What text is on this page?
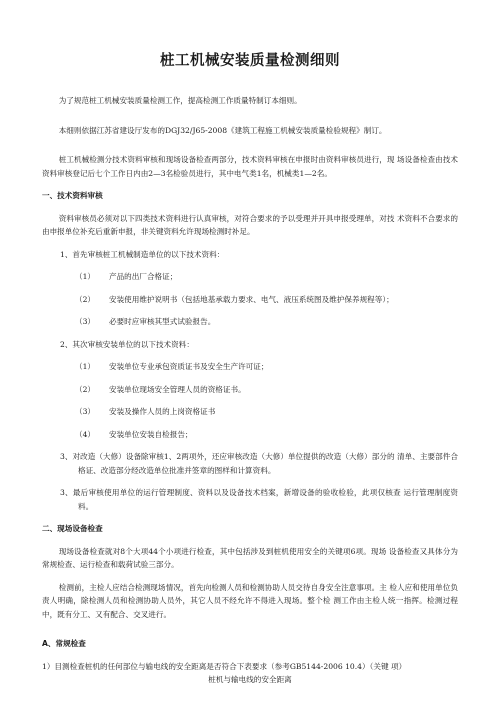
桩工机械安装质量检测细则

为了规范桩工机械安装质量检测工作，提高检测工作质量特制订本细则。

本细则依据江苏省建设厅发布的DGJ32/J65-2008《建筑工程施工机械安装质量检验规程》制订。

桩工机械检测分技术资料审核和现场设备检查两部分，技术资料审核在申报时由资料审核员进行，现 场设备检查由技术资料审核登记后七个工作日内由2—3名检验员进行，其中电气类1名，机械类1—2名。

一、技术资料审核

资料审核员必须对以下四类技术资料进行认真审核，对符合要求的予以受理并开具申报受理单，对技 术资料不合要求的由申报单位补充后重新申报，非关键资料允许现场检测时补足。

1、首先审核桩工机械制造单位的以下技术资料：

（1）	产品的出厂合格证；
（2）	安装使用维护说明书（包括地基承载力要求、电气、液压系统图及维护保养规程等）；
（3）	必要时应审核其型式试验报告。

2、其次审核安装单位的以下技术资料：

（1）	安装单位专业承包资质证书及安全生产许可证；
（2）	安装单位现场安全管理人员的资格证书。
（3）	安装及操作人员的上岗资格证书
（4）	安装单位安装自检报告；

3、对改造（大修）设备除审核1、2两项外，还应审核改造（大修）单位提供的改造（大修）部分的 清单、主要部件合格证、改造部分经改造单位批准并签章的图样和计算资料。

3、最后审核使用单位的运行管理制度、资料以及设备技术档案，新增设备的验收检验，此项仅核查 运行管理制度资料。

二、现场设备检查

现场设备检查就对8个大项44个小项进行检查，其中包括涉及到桩机使用安全的关键项6项。现场 设备检查又具体分为常规检查、运行检查和载荷试验三部分。

检测前，主检人应结合检测现场情况，首先向检测人员和检测协助人员交待自身安全注意事项。主 检人应和使用单位负责人明确，除检测人员和检测协助人员外，其它人员不经允许不得进入现场。整个检 测工作由主检人统一指挥。检测过程中，既有分工、又有配合、交叉进行。

A、常规检查

1）目测检查桩机的任何部位与输电线的安全距离是否符合下表要求（参考GB5144-2006 10.4）（关键 项）

桩机与输电线的安全距离
